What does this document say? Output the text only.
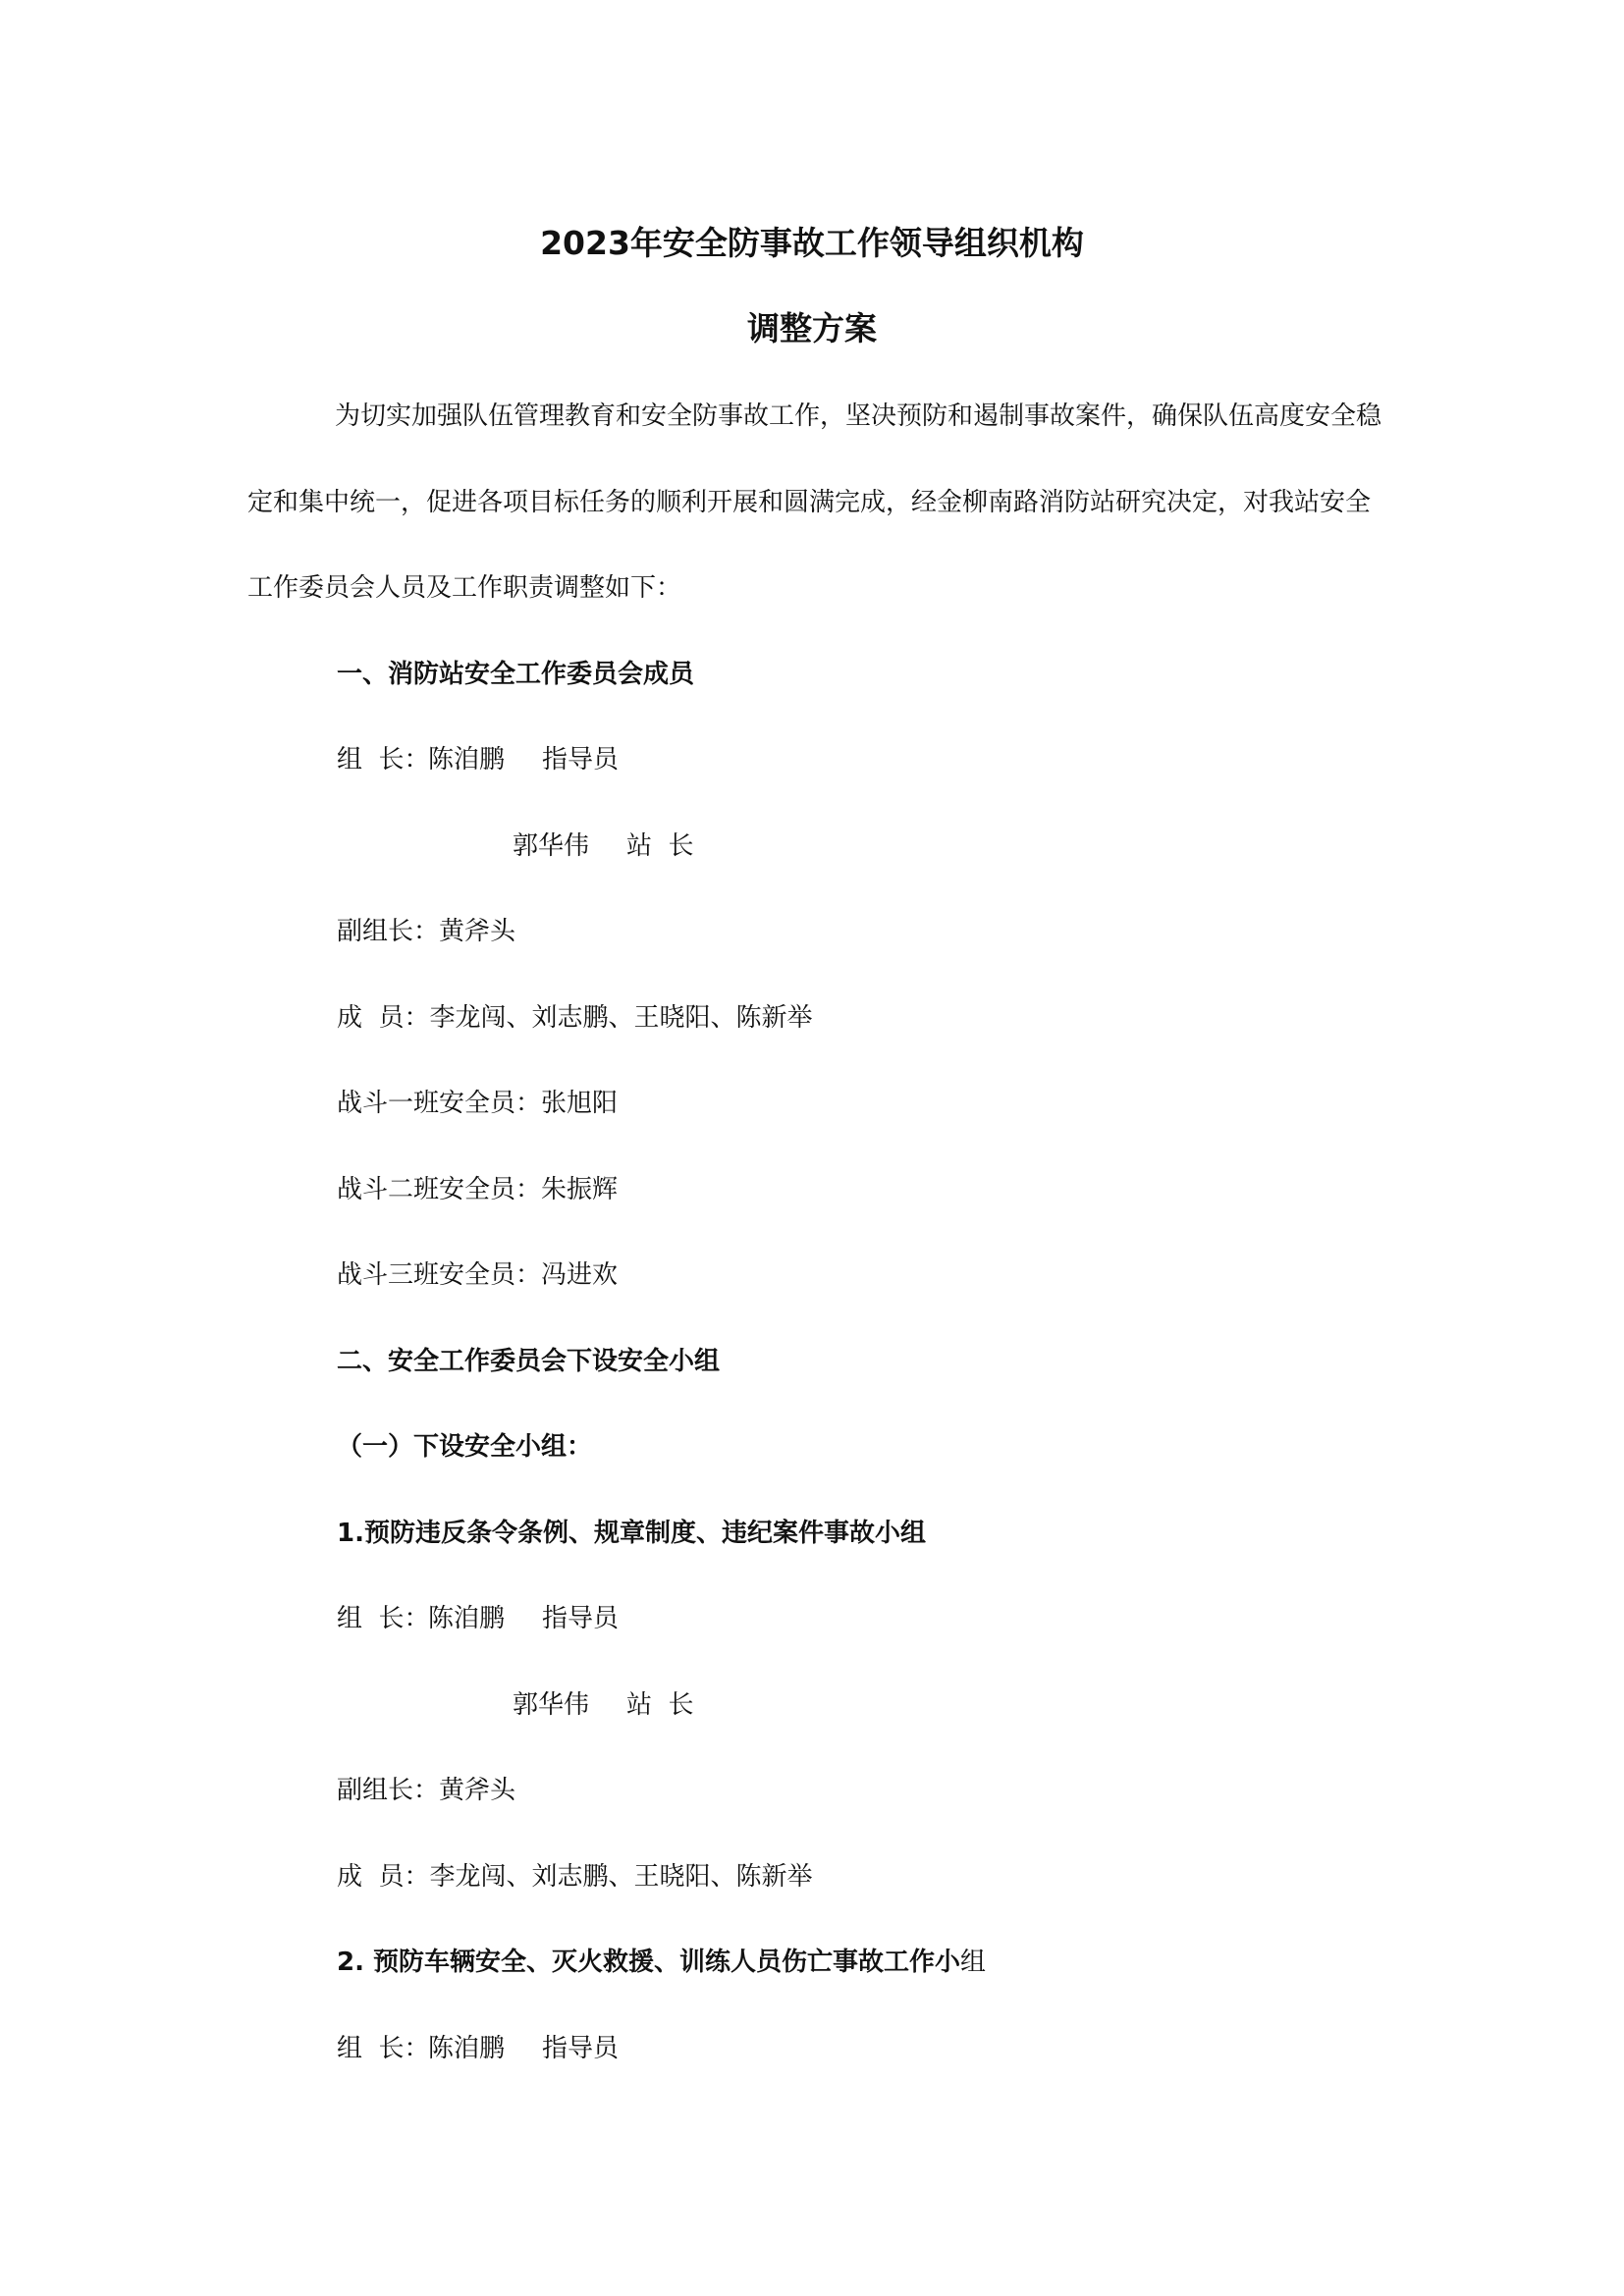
2023年安全防事故工作领导组织机构
调整方案

为切实加强队伍管理教育和安全防事故工作，坚决预防和遏制事故案件，确保队伍高度安全稳

定和集中统一，促进各项目标任务的顺利开展和圆满完成，经金柳南路消防站研究决定，对我站安全

工作委员会人员及工作职责调整如下：

一、消防站安全工作委员会成员

组  长：

陈洎鹏 指导员

郭华伟 站  长

副组长：黄斧头

成  员：李龙闯、刘志鹏、王晓阳、陈新举

战斗一班安全员：张旭阳

战斗二班安全员：朱振辉

战斗三班安全员：冯进欢

二、安全工作委员会下设安全小组

（一）下设安全小组：

1.预防违反条令条例、规章制度、违纪案件事故小组

组  长：

陈洎鹏 指导员

郭华伟 站  长

副组长：黄斧头

成  员：李龙闯、刘志鹏、王晓阳、陈新举

2. 预防车辆安全、灭火救援、训练人员伤亡事故工作小组

组  长：

陈洎鹏 指导员
